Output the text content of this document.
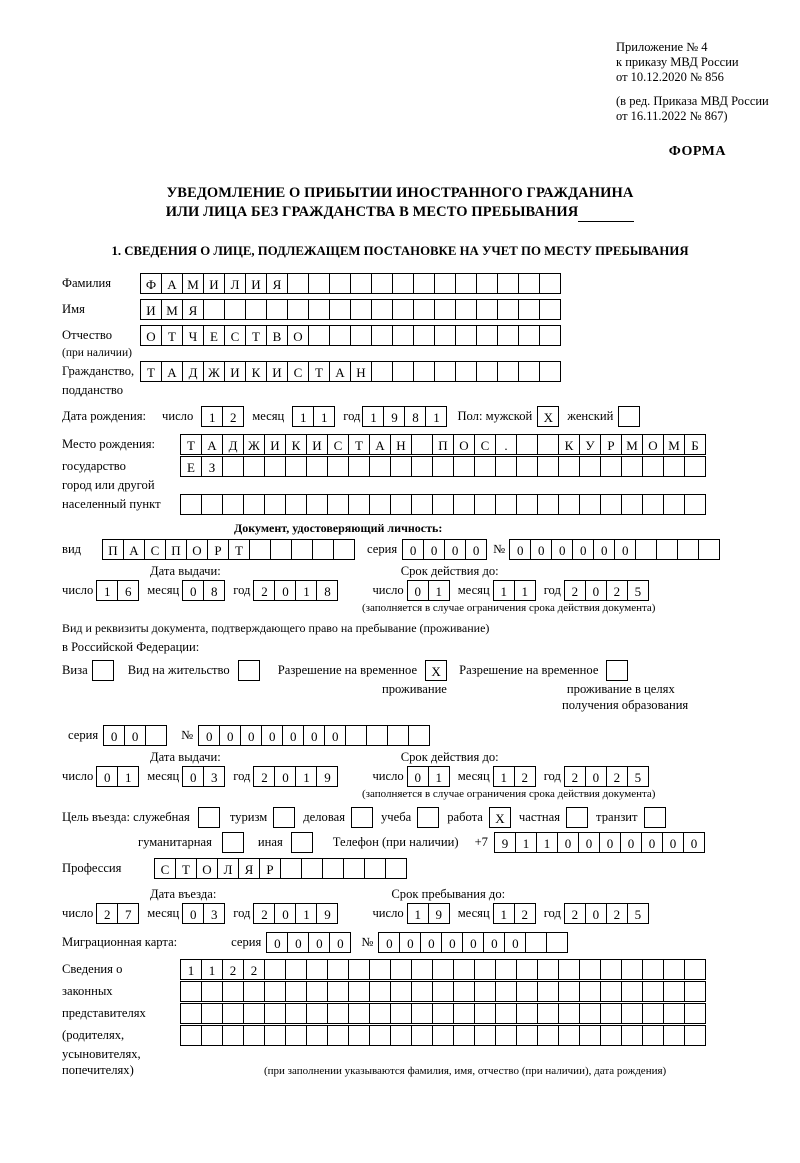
Приложение № 4
к приказу МВД России
от 10.12.2020 № 856
(в ред. Приказа МВД России
от 16.11.2022 № 867)
ФОРМА
УВЕДОМЛЕНИЕ О ПРИБЫТИИ ИНОСТРАННОГО ГРАЖДАНИНА
ИЛИ ЛИЦА БЕЗ ГРАЖДАНСТВА В МЕСТО ПРЕБЫВАНИЯ
1. СВЕДЕНИЯ О ЛИЦЕ, ПОДЛЕЖАЩЕМ ПОСТАНОВКЕ НА УЧЕТ ПО МЕСТУ ПРЕБЫВАНИЯ
Фамилия	Ф А М И Л И Я
Имя	И М Я
Отчество	О Т Ч Е С Т В О
(при наличии)
Гражданство, Т А Д Ж И К И С Т А Н
подданство
Дата рождения: число	1	2	месяц	1	1	год 1	9	8	1	Пол: мужской X	женский
Место рождения:	Т А Д Ж И К И С Т А Н	П О С	.	К У Р М О М Б
государство	Е	З
город или другой
населенный пункт
Документ, удостоверяющий личность:
вид	П А С П О Р	Т	серия 0	0	0	0	№ 0	0	0	0	0	0
Дата выдачи:	Срок действия до:
число 1	6	месяц 0	8	год 2	0	1	8	число 0	1	месяц 1	1	год 2	0	2	5
(заполняется в случае ограничения срока действия документа)
Вид и реквизиты документа, подтверждающего право на пребывание (проживание)
в Российской Федерации:
Виза	Вид на жительство	Разрешение на временное	X	Разрешение на временное
проживание	проживание в целях
получения образования
серия 0	0	№ 0	0	0	0	0	0	0
Дата выдачи:	Срок действия до:
число 0	1	месяц 0	3	год 2	0	1	9	число 0	1	месяц 1	2	год 2	0	2	5
(заполняется в случае ограничения срока действия документа)
Цель въезда: служебная	туризм	деловая	учеба	работа X	частная	транзит
гуманитарная	иная	Телефон (при наличии) +7	9	1	1	0	0	0	0	0	0	0
Профессия	С Т О Л Я	Р
Дата въезда:	Срок пребывания до:
число 2	7	месяц 0	3	год 2	0	1	9	число 1	9	месяц 1	2	год 2	0	2	5
Миграционная карта:	серия 0	0	0	0	№ 0	0	0	0	0	0	0
Сведения о	1	1	2	2
законных
представителях
(родителях,
усыновителях,
попечителях)	(при заполнении указываются фамилия, имя, отчество (при наличии), дата рождения)
